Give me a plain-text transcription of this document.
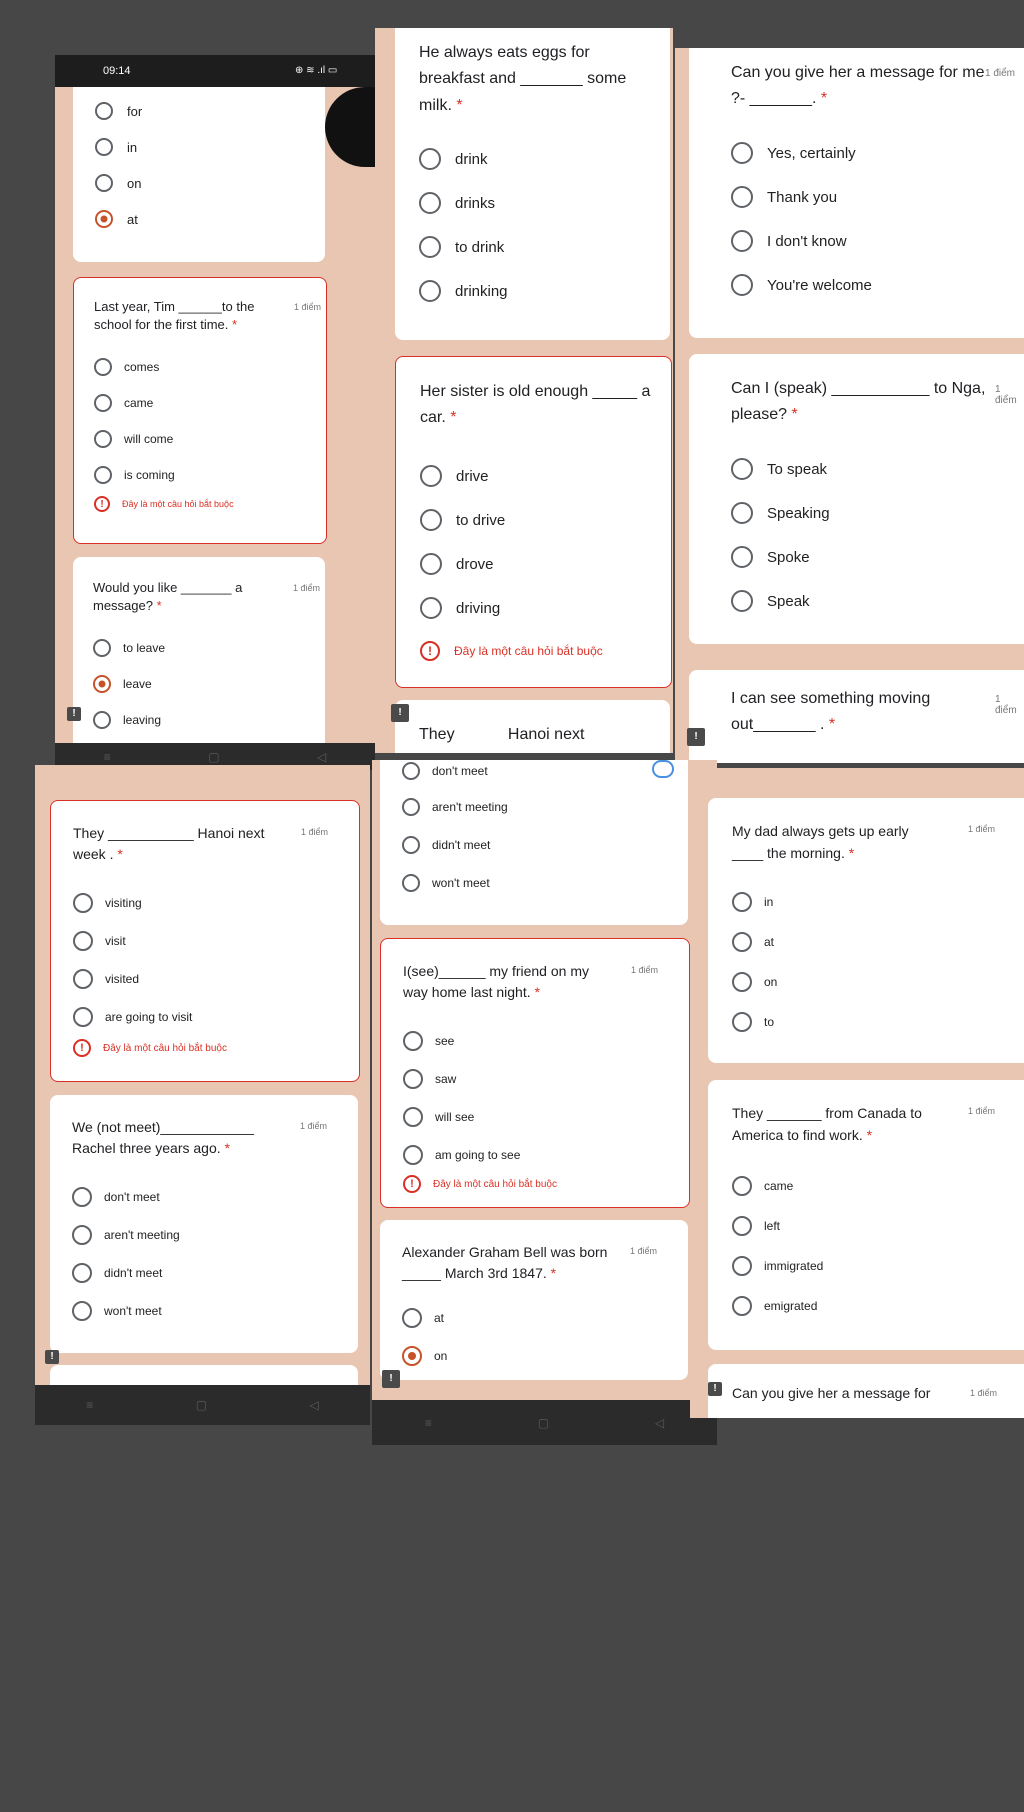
09:14	⊕ ≋ .ıl ▭
for
in
on
at
Last year, Tim ______to the school for the first time. *
1 điểm
comes
came
will come
is coming
!	Đây là một câu hỏi bắt buộc
Would you like _______ a message? *
1 điểm
to leave
leave
leaving
!
≡	▢	◁
He always eats eggs for breakfast and _______ some milk. *
drink
drinks
to drink
drinking
Her sister is old enough _____ a car. *
drive
to drive
drove
driving
!	Đây là một câu hỏi bắt buộc
They            Hanoi next
!
Can you give her a message for me ?- _______. *
1 điểm
Yes, certainly
Thank you
I don't know
You're welcome
Can I (speak) ___________ to Nga, please? *
1 điểm
To speak
Speaking
Spoke
Speak
I can see something moving out_______ . *
1 điểm
!
They ___________ Hanoi next week . *
1 điểm
visiting
visit
visited
are going to visit
!	Đây là một câu hỏi bắt buộc
We (not meet)____________ Rachel three years ago. *
1 điểm
don't meet
aren't meeting
didn't meet
won't meet
!
≡	▢	◁
don't meet
aren't meeting
didn't meet
won't meet
I(see)______ my friend on my way home last night. *
1 điểm
see
saw
will see
am going to see
!	Đây là một câu hỏi bắt buộc
Alexander Graham Bell was born _____ March 3rd 1847. *
1 điểm
at
on
!
≡	▢	◁
My dad always gets up early ____ the morning. *
1 điểm
in
at
on
to
They _______ from Canada to America to find work. *
1 điểm
came
left
immigrated
emigrated
Can you give her a message for	1 điểm
!
